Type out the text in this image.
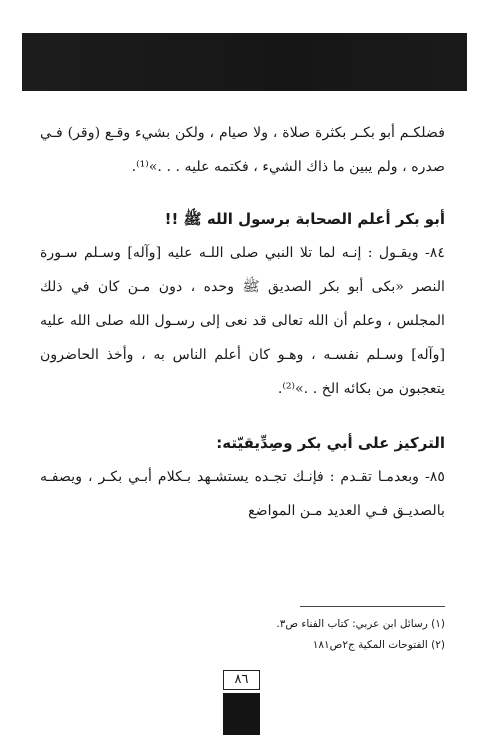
فضلكـم أبو بكـر بكثرة صلاة ، ولا صيام ، ولكن بشيء وقـع (وقر) فـي صدره ، ولم يبين ما ذاك الشيء ، فكتمه عليه . . .»⁽¹⁾.

أبو بكر أعلم الصحابة برسول الله ﷺ !!

٨٤- ويقـول : إنـه لما تلا النبي صلى اللـه عليه [وآله] وسـلم سـورة النصر «بكى أبو بكر الصديق ﷺ وحده ، دون مـن كان في ذلك المجلس ، وعلم أن الله تعالى قد نعى إلى رسـول الله صلى الله عليه [وآله] وسـلم نفسـه ، وهـو كان أعلم الناس به ، وأخذ الحاضرون يتعجبون من بكائه الخ . .»⁽²⁾.

التركيز على أبي بكر وصِدِّيقيّته:

٨٥- وبعدمـا تقـدم : فإنـك تجـده يستشـهد بـكلام أبـي بكـر ، ويصفـه بالصديـق فـي العديد مـن المواضع

(١) رسائل ابن عربي: كتاب الفناء ص٣.
(٢) الفتوحات المكية ج٢ص١٨١
٨٦
